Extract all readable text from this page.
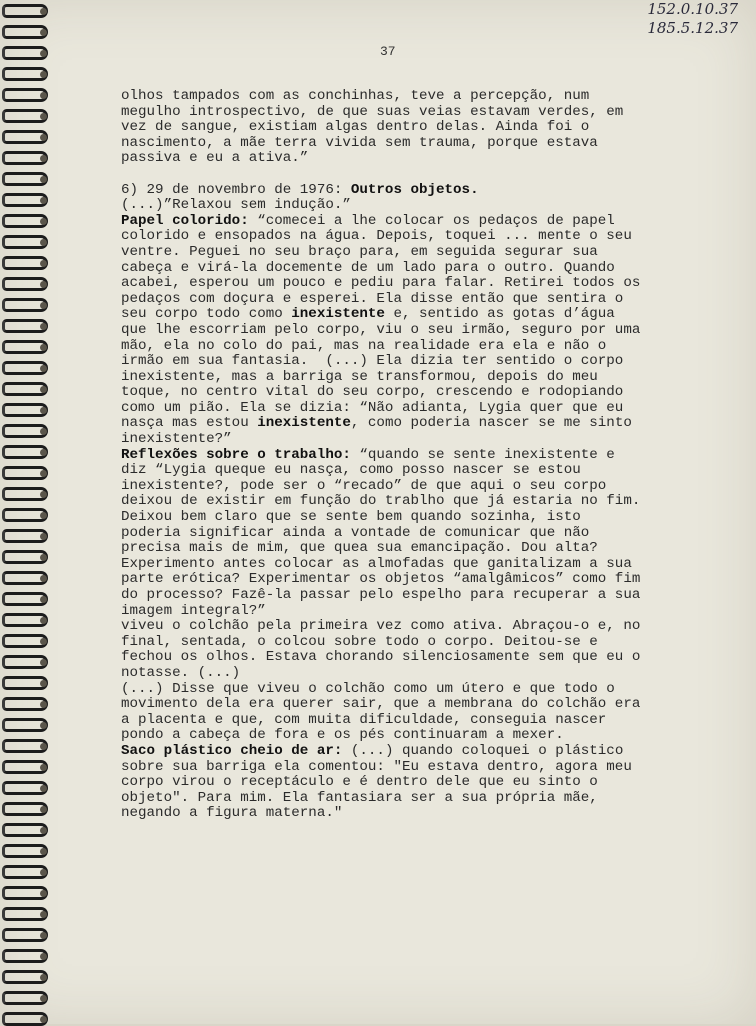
152.0.10.37
185.5.12.37
37
olhos tampados com as conchinhas, teve a percepção, num
megulho introspectivo, de que suas veias estavam verdes, em
vez de sangue, existiam algas dentro delas. Ainda foi o
nascimento, a mãe terra vivida sem trauma, porque estava
passiva e eu a ativa.”
6) 29 de novembro de 1976: Outros objetos.
(...)”Relaxou sem indução.”
Papel colorido: “comecei a lhe colocar os pedaços de papel
colorido e ensopados na água. Depois, toquei ... mente o seu
ventre. Peguei no seu braço para, em seguida segurar sua
cabeça e virá-la docemente de um lado para o outro. Quando
acabei, esperou um pouco e pediu para falar. Retirei todos os
pedaços com doçura e esperei. Ela disse então que sentira o
seu corpo todo como inexistente e, sentido as gotas d’água
que lhe escorriam pelo corpo, viu o seu irmão, seguro por uma
mão, ela no colo do pai, mas na realidade era ela e não o
irmão em sua fantasia.  (...) Ela dizia ter sentido o corpo
inexistente, mas a barriga se transformou, depois do meu
toque, no centro vital do seu corpo, crescendo e rodopiando
como um pião. Ela se dizia: “Não adianta, Lygia quer que eu
nasça mas estou inexistente, como poderia nascer se me sinto
inexistente?”
Reflexões sobre o trabalho: “quando se sente inexistente e
diz “Lygia queque eu nasça, como posso nascer se estou
inexistente?, pode ser o “recado” de que aqui o seu corpo
deixou de existir em função do trablho que já estaria no fim.
Deixou bem claro que se sente bem quando sozinha, isto
poderia significar ainda a vontade de comunicar que não
precisa mais de mim, que quea sua emancipação. Dou alta?
Experimento antes colocar as almofadas que ganitalizam a sua
parte erótica? Experimentar os objetos “amalgâmicos” como fim
do processo? Fazê-la passar pelo espelho para recuperar a sua
imagem integral?”
viveu o colchão pela primeira vez como ativa. Abraçou-o e, no
final, sentada, o colcou sobre todo o corpo. Deitou-se e
fechou os olhos. Estava chorando silenciosamente sem que eu o
notasse. (...)
(...) Disse que viveu o colchão como um útero e que todo o
movimento dela era querer sair, que a membrana do colchão era
a placenta e que, com muita dificuldade, conseguia nascer
pondo a cabeça de fora e os pés continuaram a mexer.
Saco plástico cheio de ar: (...) quando coloquei o plástico
sobre sua barriga ela comentou: "Eu estava dentro, agora meu
corpo virou o receptáculo e é dentro dele que eu sinto o
objeto". Para mim. Ela fantasiara ser a sua própria mãe,
negando a figura materna."
